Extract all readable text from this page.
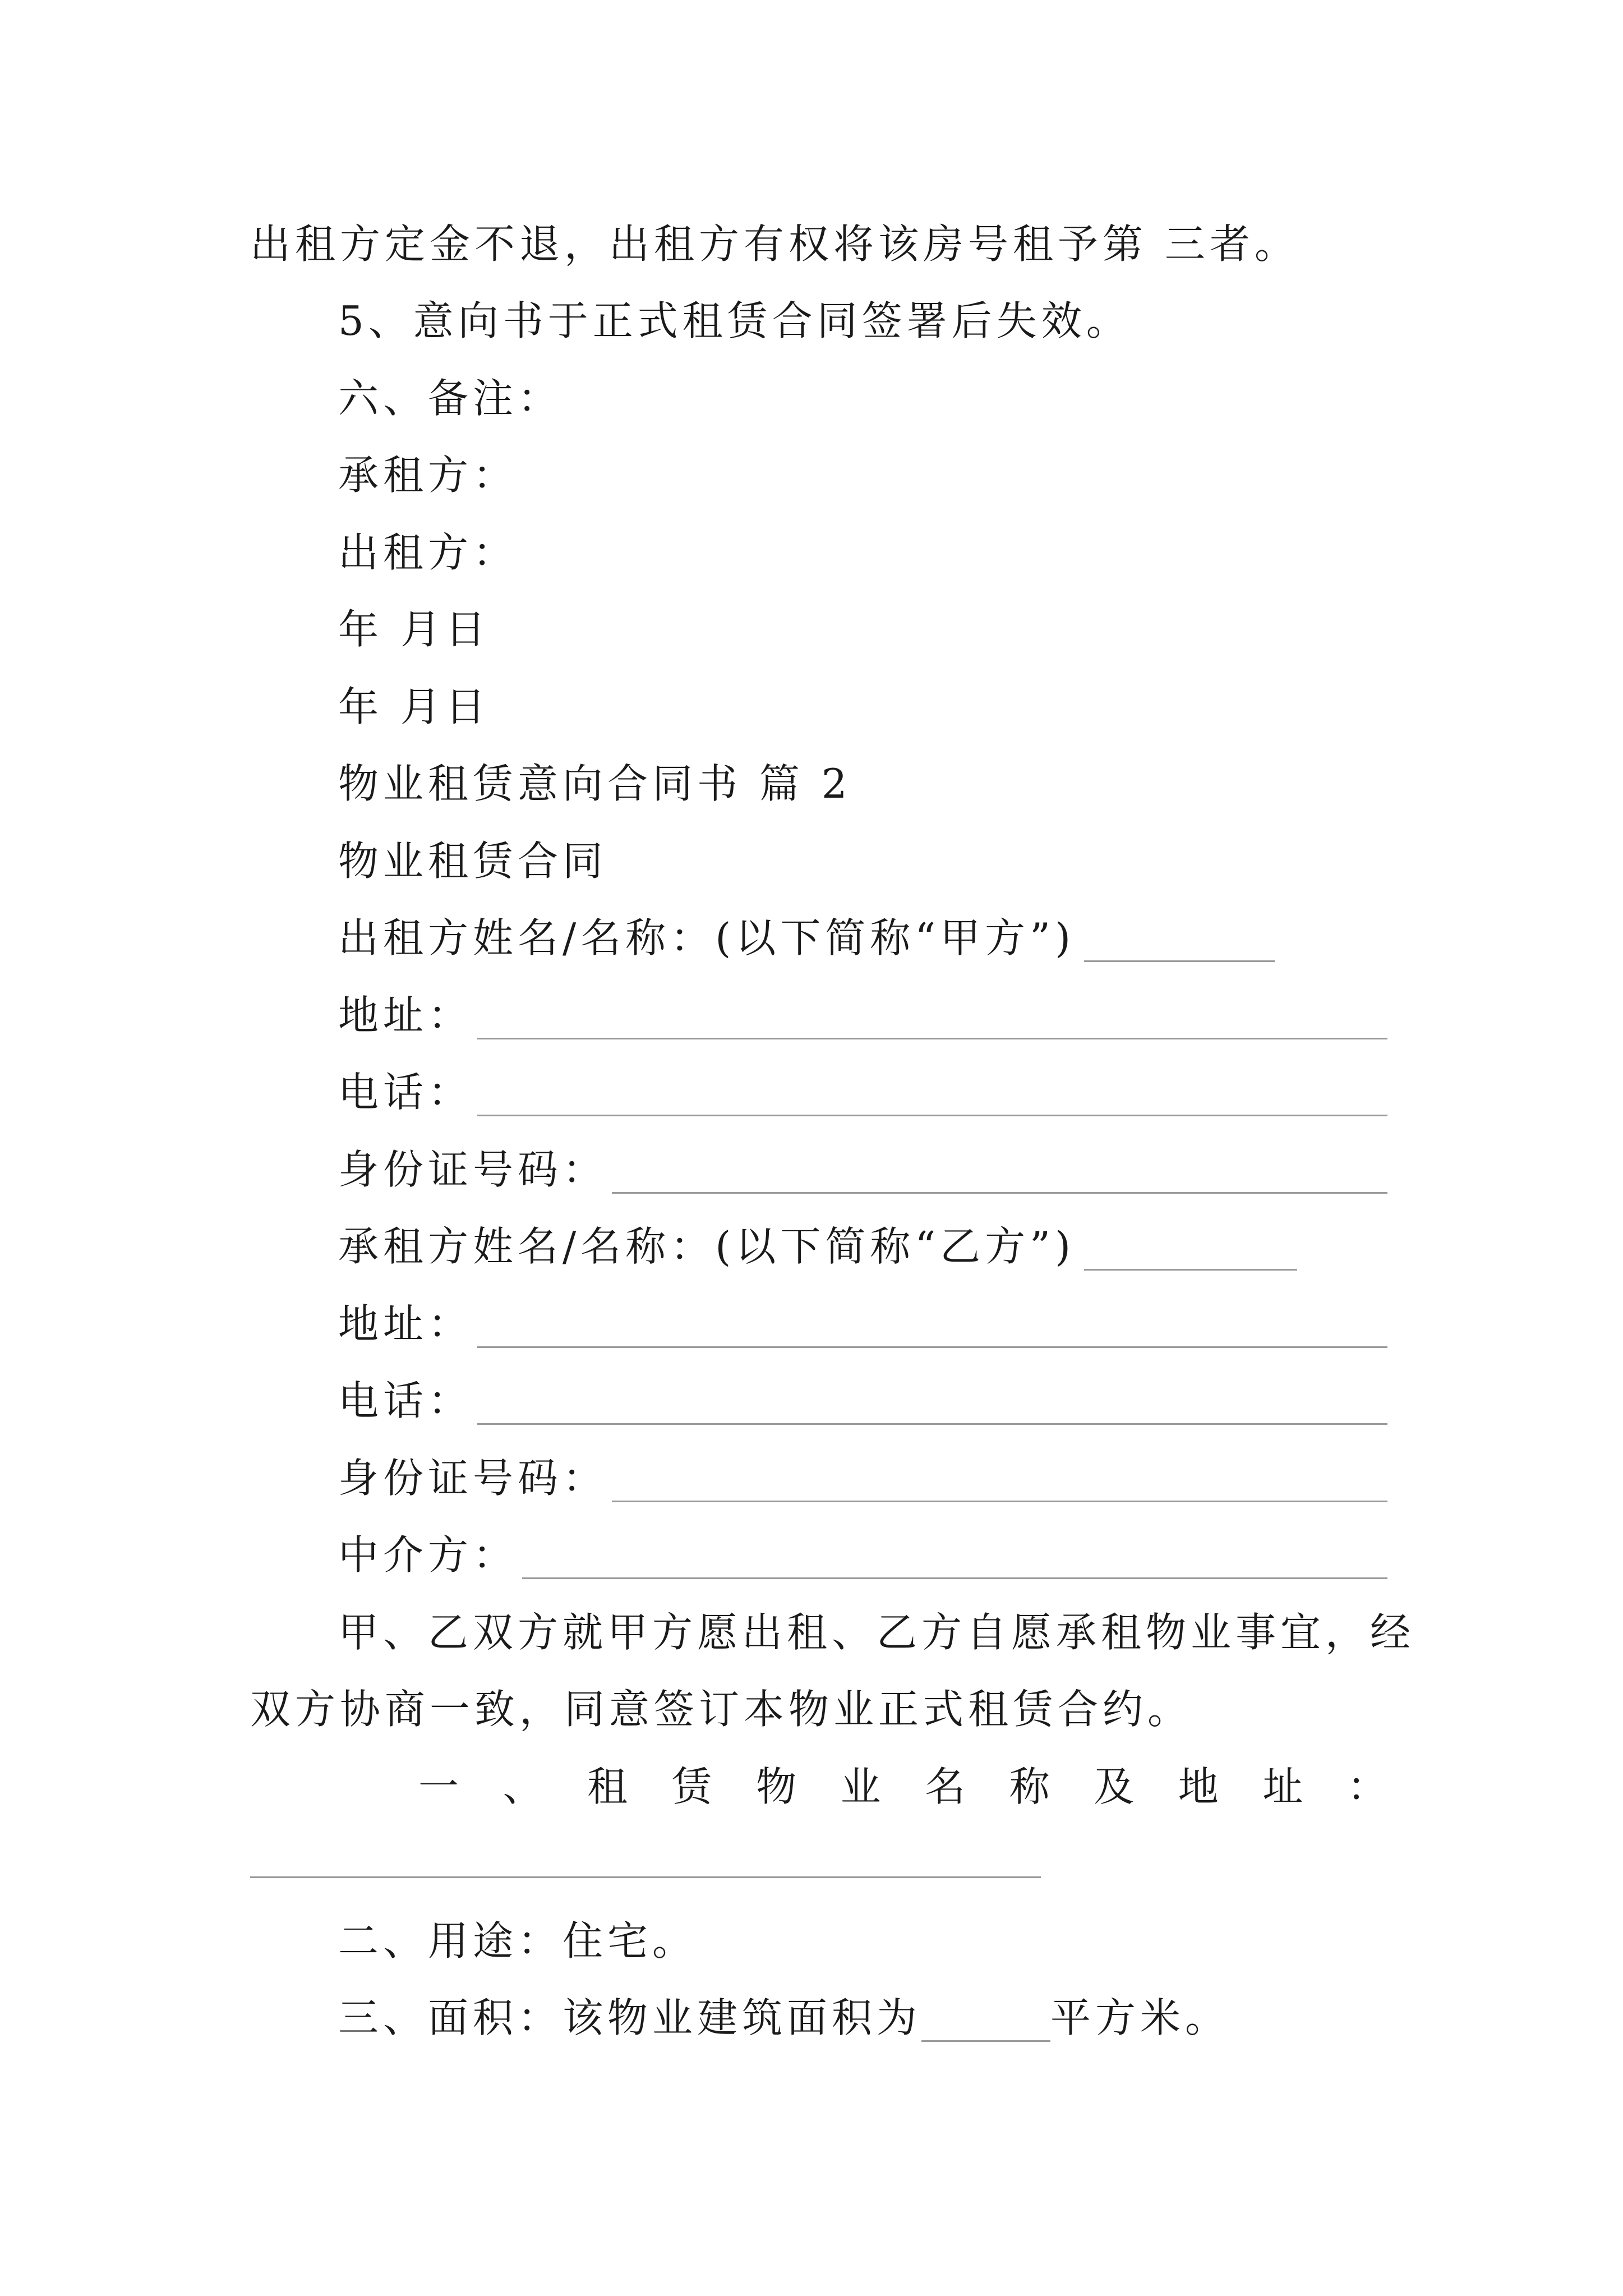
出租方定金不退，出租方有权将该房号租予第 三者。
5、意向书于正式租赁合同签署后失效。
六、备注：
承租方：
出租方：
年 月日
年 月日
物业租赁意向合同书 篇 2
物业租赁合同
出租方姓名/名称：(以下简称“甲方”)
地址：
电话：
身份证号码：
承租方姓名/名称：(以下简称“乙方”)
地址：
电话：
身份证号码：
中介方：
甲、乙双方就甲方愿出租、乙方自愿承租物业事宜，经
双方协商一致，同意签订本物业正式租赁合约。
一 、 租 赁 物 业 名 称 及 地 址 ：
二、用途：住宅。
三、面积：该物业建筑面积为	平方米。
